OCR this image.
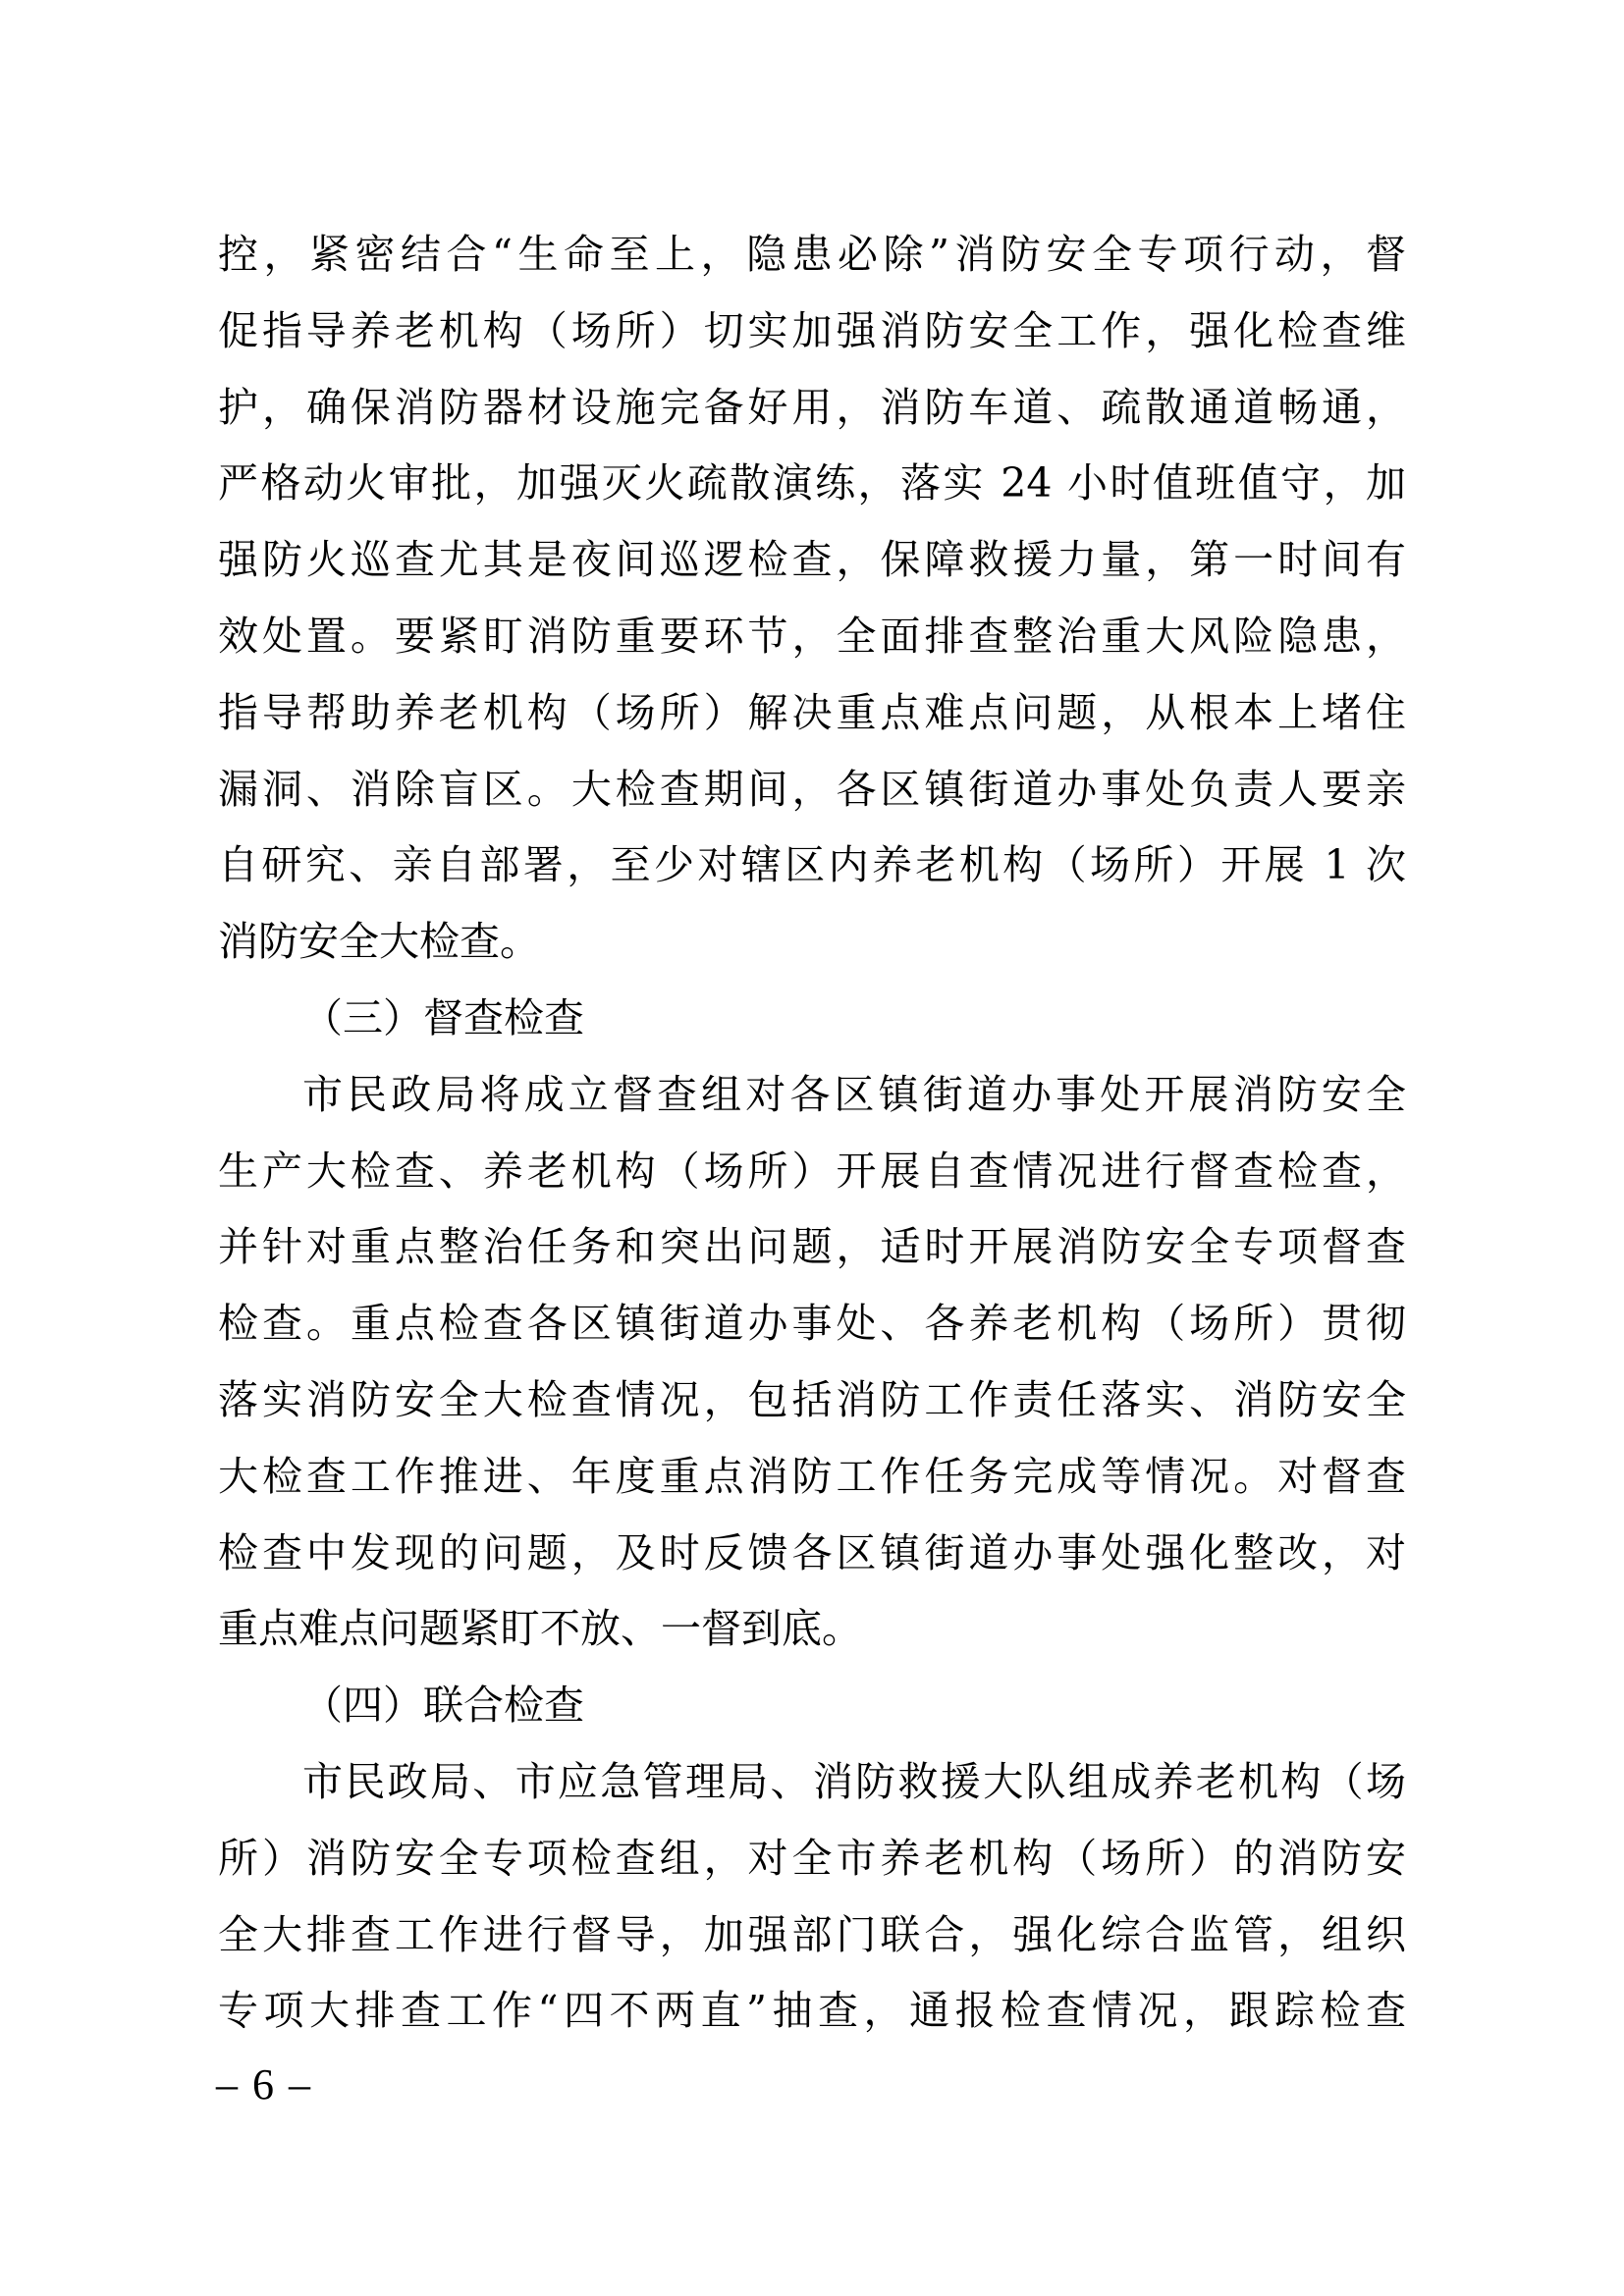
控，紧密结合“生命至上，隐患必除”消防安全专项行动，督
促指导养老机构（场所）切实加强消防安全工作，强化检查维
护，确保消防器材设施完备好用，消防车道、疏散通道畅通，
严格动火审批，加强灭火疏散演练，落实 24 小时值班值守，加
强防火巡查尤其是夜间巡逻检查，保障救援力量，第一时间有
效处置。要紧盯消防重要环节，全面排查整治重大风险隐患，
指导帮助养老机构（场所）解决重点难点问题，从根本上堵住
漏洞、消除盲区。大检查期间，各区镇街道办事处负责人要亲
自研究、亲自部署，至少对辖区内养老机构（场所）开展 1 次
消防安全大检查。
（三）督查检查
市民政局将成立督查组对各区镇街道办事处开展消防安全
生产大检查、养老机构（场所）开展自查情况进行督查检查，
并针对重点整治任务和突出问题，适时开展消防安全专项督查
检查。重点检查各区镇街道办事处、各养老机构（场所）贯彻
落实消防安全大检查情况，包括消防工作责任落实、消防安全
大检查工作推进、年度重点消防工作任务完成等情况。对督查
检查中发现的问题，及时反馈各区镇街道办事处强化整改，对
重点难点问题紧盯不放、一督到底。
（四）联合检查
市民政局、市应急管理局、消防救援大队组成养老机构（场
所）消防安全专项检查组，对全市养老机构（场所）的消防安
全大排查工作进行督导，加强部门联合，强化综合监管，组织
专项大排查工作“四不两直”抽查，通报检查情况，跟踪检查
– 6 –
